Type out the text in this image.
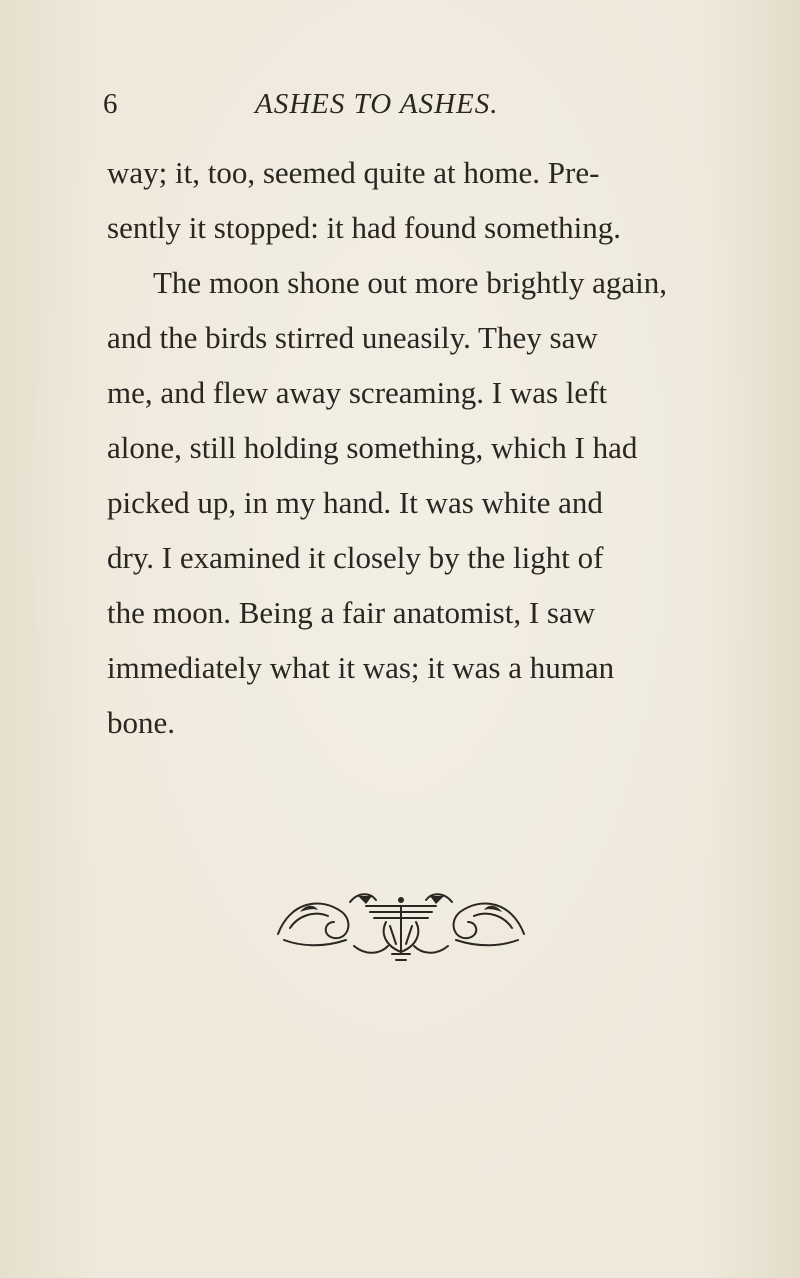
6	ASHES TO ASHES.
way; it, too, seemed quite at home. Pre-
sently it stopped: it had found something.
The moon shone out more brightly again,
and the birds stirred uneasily. They saw
me, and flew away screaming. I was left
alone, still holding something, which I had
picked up, in my hand. It was white and
dry. I examined it closely by the light of
the moon. Being a fair anatomist, I saw
immediately what it was; it was a human
bone.
